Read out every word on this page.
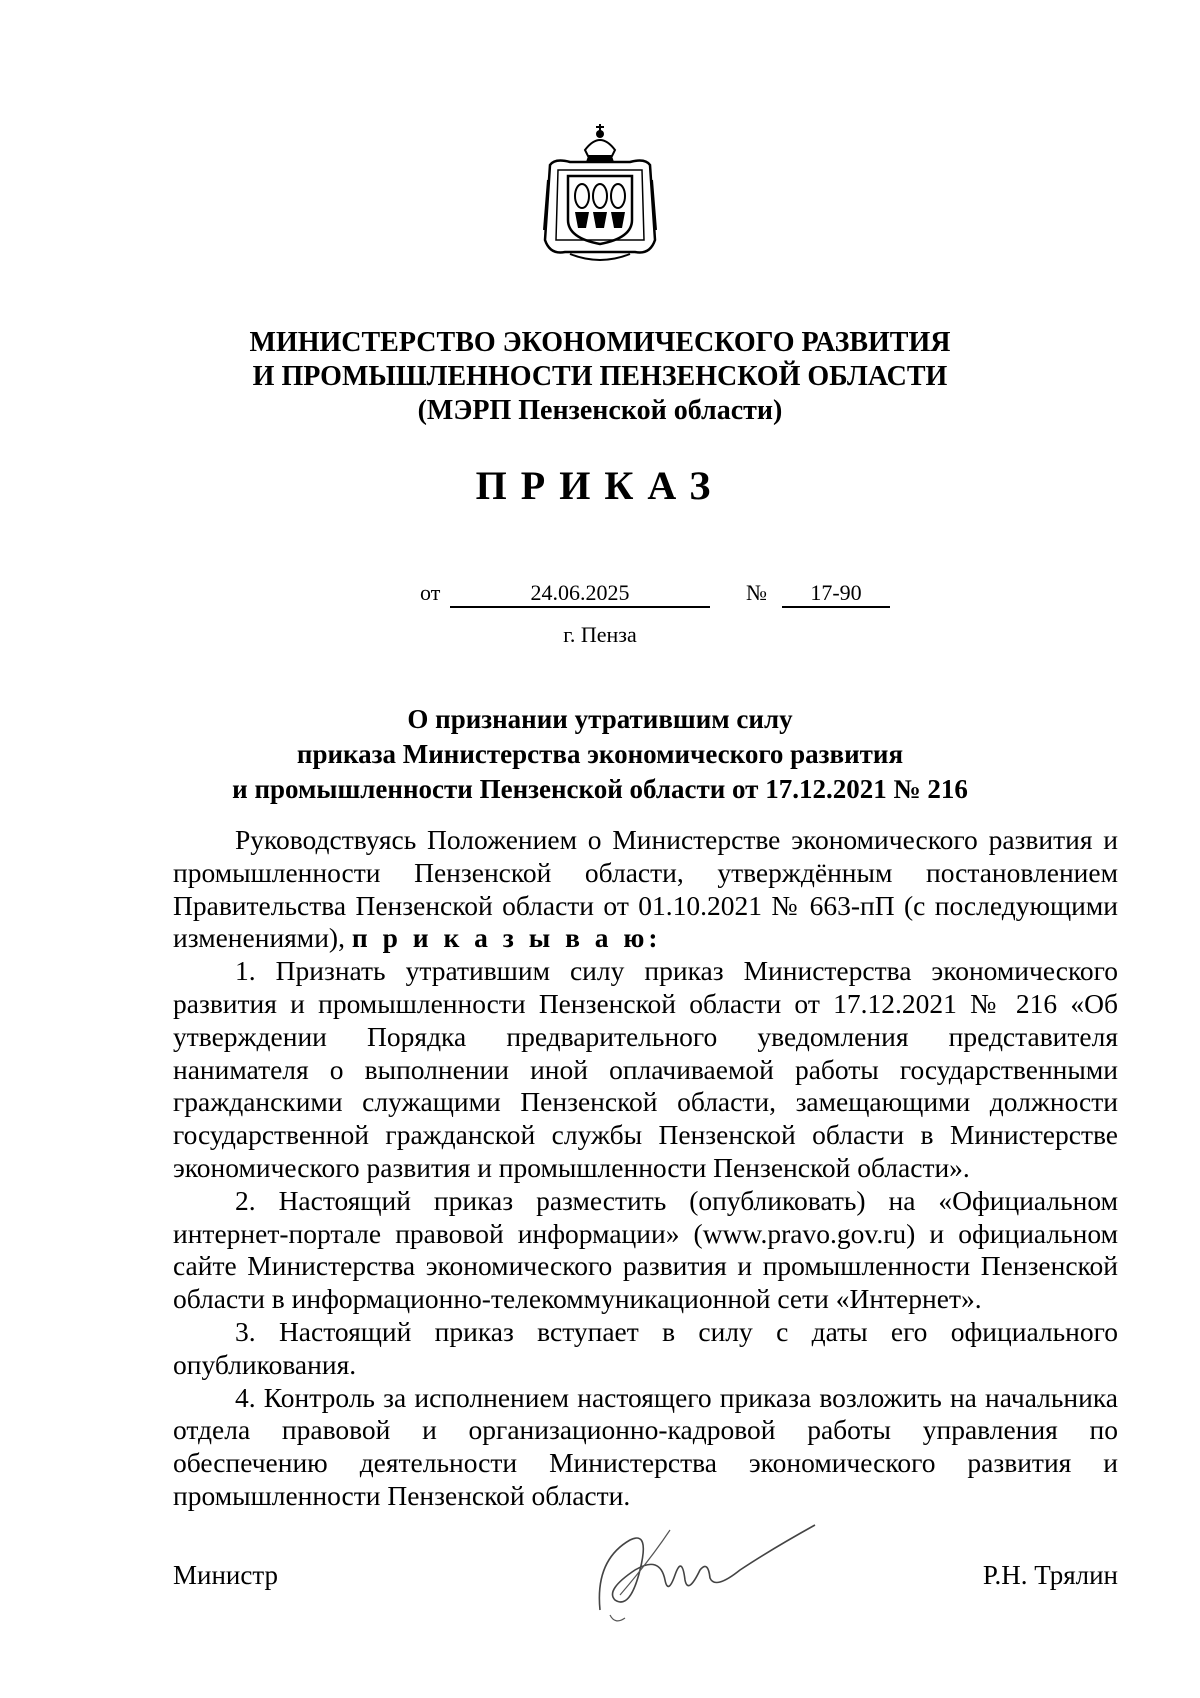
МИНИСТЕРСТВО ЭКОНОМИЧЕСКОГО РАЗВИТИЯ
И ПРОМЫШЛЕННОСТИ ПЕНЗЕНСКОЙ ОБЛАСТИ
(МЭРП Пензенской области)
ПРИКАЗ
от	24.06.2025	№	17-90
г. Пенза
О признании утратившим силу
приказа Министерства экономического развития
и промышленности Пензенской области от 17.12.2021 № 216

Руководствуясь Положением о Министерстве экономического развития и промышленности Пензенской области, утверждённым постановлением Правительства Пензенской области от 01.10.2021 № 663-пП (с последующими изменениями), п р и к а з ы в а ю:

1. Признать утратившим силу приказ Министерства экономического развития и промышленности Пензенской области от 17.12.2021 № 216 «Об утверждении Порядка предварительного уведомления представителя нанимателя о выполнении иной оплачиваемой работы государственными гражданскими служащими Пензенской области, замещающими должности государственной гражданской службы Пензенской области в Министерстве экономического развития и промышленности Пензенской области».

2. Настоящий приказ разместить (опубликовать) на «Официальном интернет-портале правовой информации» (www.pravo.gov.ru) и официальном сайте Министерства экономического развития и промышленности Пензенской области в информационно-телекоммуникационной сети «Интернет».

3. Настоящий приказ вступает в силу с даты его официального опубликования.

4. Контроль за исполнением настоящего приказа возложить на начальника отдела правовой и организационно-кадровой работы управления по обеспечению деятельности Министерства экономического развития и промышленности Пензенской области.

Министр	Р.Н. Трялин
